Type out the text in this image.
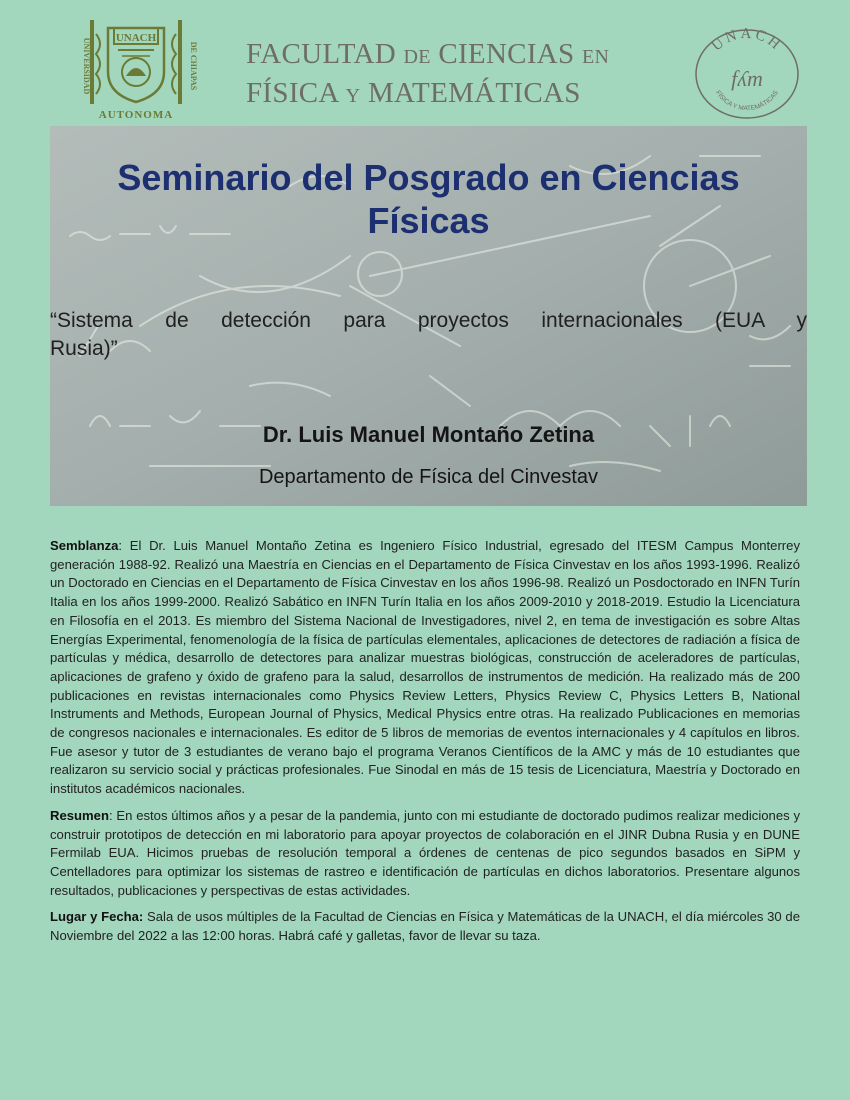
UNACH
UNIVERSIDAD	DE CHIAPAS
AUTONOMA
FACULTAD DE CIENCIAS EN
FÍSICA Y MATEMÁTICAS
UNACH
fʎm
FÍSICA Y MATEMÁTICAS
Seminario del Posgrado en Ciencias
Físicas
“Sistema de detección para proyectos internacionales (EUA y
Rusia)”
Dr. Luis Manuel Montaño Zetina
Departamento de Física del Cinvestav

Semblanza: El Dr. Luis Manuel Montaño Zetina es Ingeniero Físico Industrial, egresado del ITESM Campus Monterrey generación 1988-92. Realizó una Maestría en Ciencias en el Departamento de Física Cinvestav en los años 1993-1996. Realizó un Doctorado en Ciencias en el Departamento de Física Cinvestav en los años 1996-98. Realizó un Posdoctorado en INFN Turín Italia en los años 1999-2000. Realizó Sabático en INFN Turín Italia en los años 2009-2010 y 2018-2019. Estudio la Licenciatura en Filosofía en el 2013. Es miembro del Sistema Nacional de Investigadores, nivel 2, en tema de investigación es sobre Altas Energías Experimental, fenomenología de la física de partículas elementales, aplicaciones de detectores de radiación a física de partículas y médica, desarrollo de detectores para analizar muestras biológicas, construcción de aceleradores de partículas, aplicaciones de grafeno y óxido de grafeno para la salud, desarrollos de instrumentos de medición. Ha realizado más de 200 publicaciones en revistas internacionales como Physics Review Letters, Physics Review C, Physics Letters B, National Instruments and Methods, European Journal of Physics, Medical Physics entre otras. Ha realizado Publicaciones en memorias de congresos nacionales e internacionales. Es editor de 5 libros de memorias de eventos internacionales y 4 capítulos en libros. Fue asesor y tutor de 3 estudiantes de verano bajo el programa Veranos Científicos de la AMC y más de 10 estudiantes que realizaron su servicio social y prácticas profesionales. Fue Sinodal en más de 15 tesis de Licenciatura, Maestría y Doctorado en institutos académicos nacionales.

Resumen: En estos últimos años y a pesar de la pandemia, junto con mi estudiante de doctorado pudimos realizar mediciones y construir prototipos de detección en mi laboratorio para apoyar proyectos de colaboración en el JINR Dubna Rusia y en DUNE Fermilab EUA. Hicimos pruebas de resolución temporal a órdenes de centenas de pico segundos basados en SiPM y Centelladores para optimizar los sistemas de rastreo e identificación de partículas en dichos laboratorios. Presentare algunos resultados, publicaciones y perspectivas de estas actividades.

Lugar y Fecha: Sala de usos múltiples de la Facultad de Ciencias en Física y Matemáticas de la UNACH, el día miércoles 30 de Noviembre del 2022 a las 12:00 horas. Habrá café y galletas, favor de llevar su taza.
